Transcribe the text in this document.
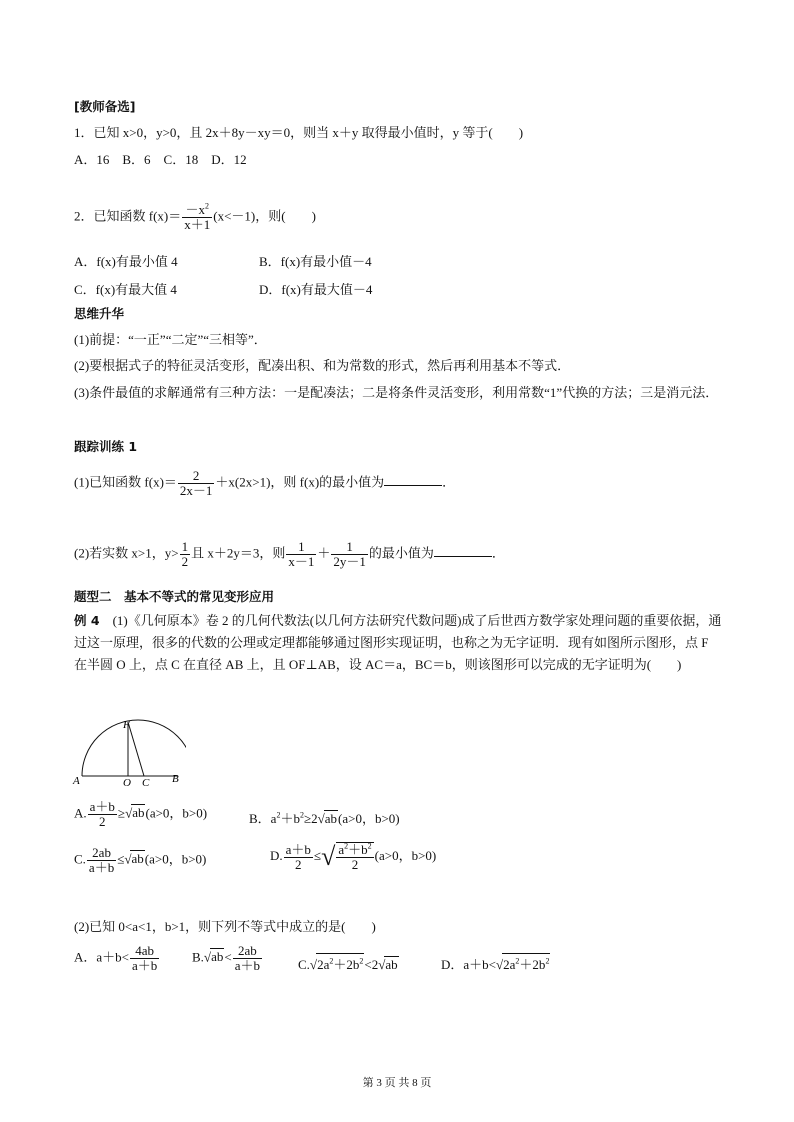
[教师备选]
1．已知 x>0，y>0，且 2x＋8y－xy＝0，则当 x＋y 取得最小值时，y 等于(　　)
A．16　B．6　C．18　D．12
2．已知函数 $f(x)= \frac{-x^2}{x+1} (x<-1)$，则(　　)
A．f(x)有最小值 4	B．f(x)有最小值－4
C．f(x)有最大值 4	D．f(x)有最大值－4
思维升华
(1)前提：“一正”“二定”“三相等”．
(2)要根据式子的特征灵活变形，配凑出积、和为常数的形式，然后再利用基本不等式．
(3)条件最值的求解通常有三种方法：一是配凑法；二是将条件灵活变形，利用常数“1”代换的方法；三是消元法．
跟踪训练 1
(1)已知函数 $f(x)= \frac{2}{2x-1} +x(2x>1)$，则 f(x)的最小值为	．
(2)若实数 x>1，$y> \frac{1}{2}$ 且 x＋2y＝3，则 $\frac{1}{x-1} + \frac{1}{2y-1}$ 的最小值为	．
题型二　基本不等式的常见变形应用
例 4　 (1)《几何原本》卷 2 的几何代数法(以几何方法研究代数问题)成了后世西方数学家处理问题的重要依据，通过这一原理，很多的代数的公理或定理都能够通过图形实现证明，也称之为无字证明．现有如图所示图形，点 F 在半圆 O 上，点 C 在直径 AB 上，且 OF⊥AB，设 AC＝a，BC＝b，则该图形可以完成的无字证明为(　　)
F
A	O C B
A. $\frac{a+b}{2} \ge√ab(a>0$，b>0)	B．$a^2+b^2\ge 2√ab(a>0$，b>0)
C. $\frac{2ab}{a+b} \le√ab(a>0$，b>0)	D. $\frac{a+b}{2}$ ≤√ $\frac{a^2+b^2}{2} (a>0$，b>0)
(2)已知 0<a<1，b>1，则下列不等式中成立的是(　　)
A．$a+b< \frac{4ab}{a+b}$	$B.√ab< \frac{2ab}{a+b}$	$C.√2a^2+2b^2<2√ab$	D．$a+b<√2a^2+2b^2$
第 3 页 共 8 页
